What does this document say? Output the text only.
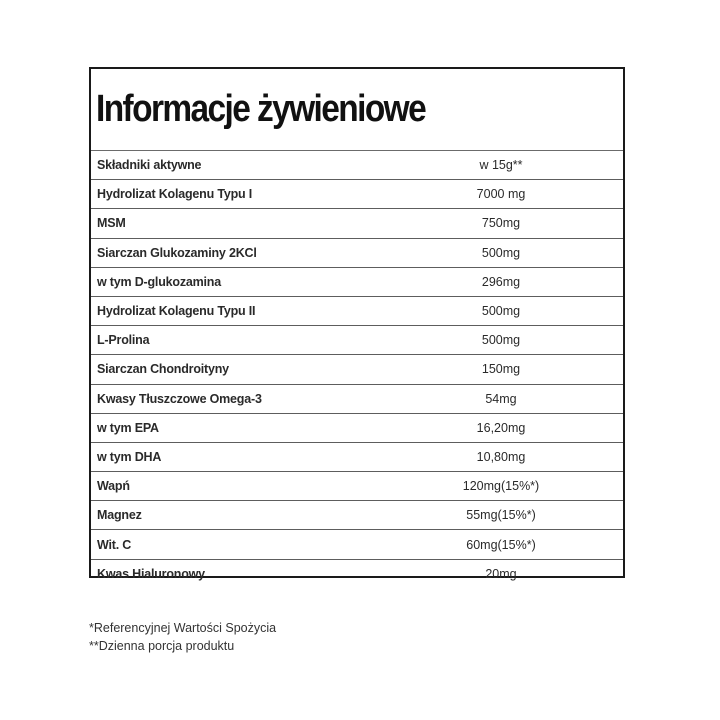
Informacje żywieniowe
Składniki aktywne	w 15g**
Hydrolizat Kolagenu Typu I	7000 mg
MSM	750mg
Siarczan Glukozaminy 2KCl	500mg
w tym D-glukozamina	296mg
Hydrolizat Kolagenu Typu II	500mg
L-Prolina	500mg
Siarczan Chondroityny	150mg
Kwasy Tłuszczowe Omega-3	54mg
w tym EPA	16,20mg
w tym DHA	10,80mg
Wapń	120mg(15%*)
Magnez	55mg(15%*)
Wit. C	60mg(15%*)
Kwas Hialuronowy	20mg
*Referencyjnej Wartości Spożycia
**Dzienna porcja produktu
